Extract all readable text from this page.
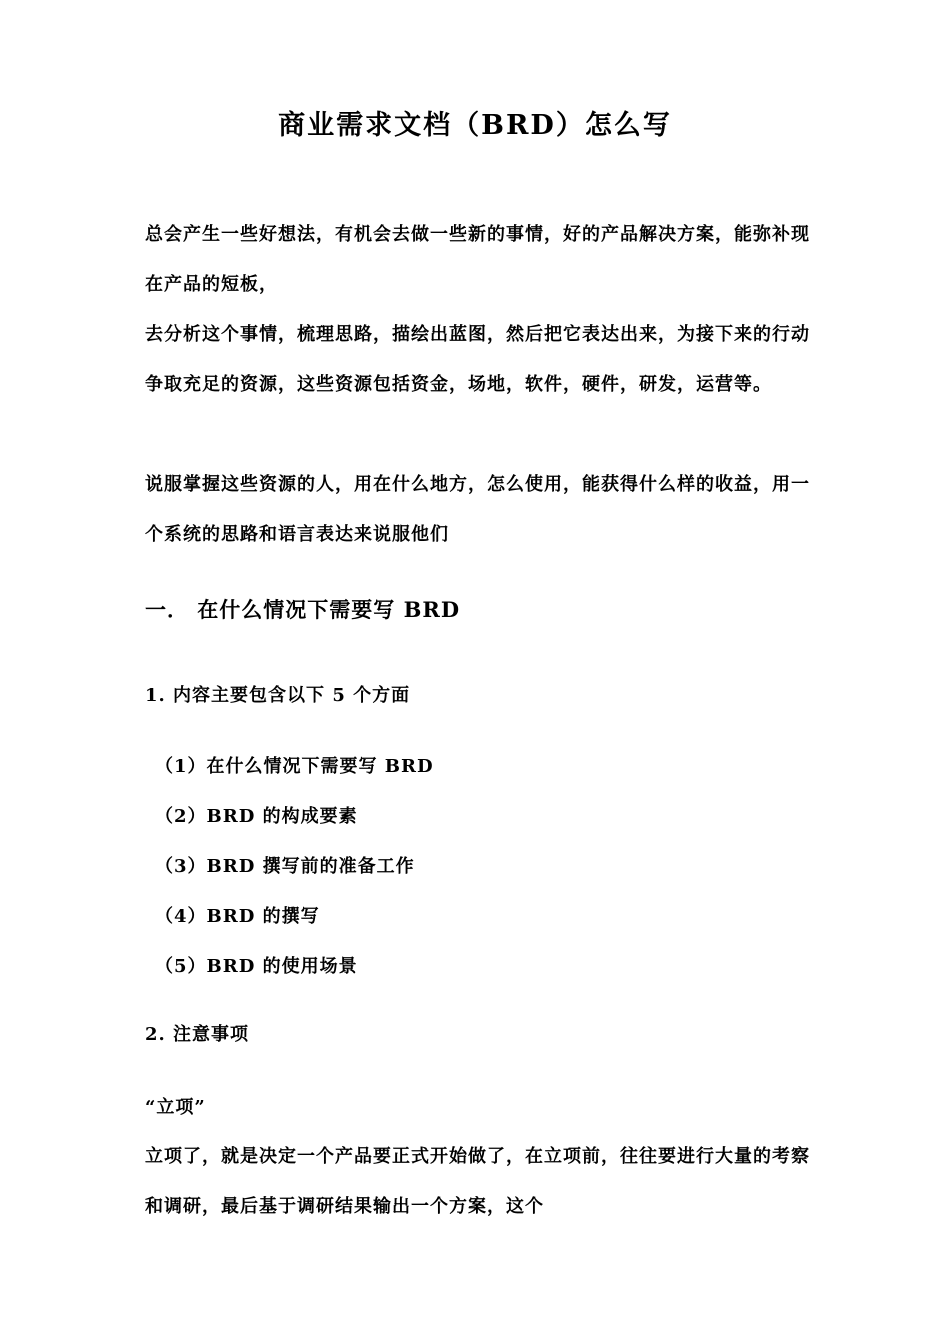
商业需求文档（BRD）怎么写
总会产生一些好想法，有机会去做一些新的事情，好的产品解决方案，能弥补现在产品的短板，
去分析这个事情，梳理思路，描绘出蓝图，然后把它表达出来，为接下来的行动争取充足的资源，这些资源包括资金，场地，软件，硬件，研发，运营等。
说服掌握这些资源的人，用在什么地方，怎么使用，能获得什么样的收益，用一个系统的思路和语言表达来说服他们
一． 在什么情况下需要写 BRD
1. 内容主要包含以下 5 个方面
（1）在什么情况下需要写 BRD
（2）BRD 的构成要素
（3）BRD 撰写前的准备工作
（4）BRD 的撰写
（5）BRD 的使用场景
2. 注意事项
“立项”
立项了，就是决定一个产品要正式开始做了，在立项前，往往要进行大量的考察和调研，最后基于调研结果输出一个方案，这个
